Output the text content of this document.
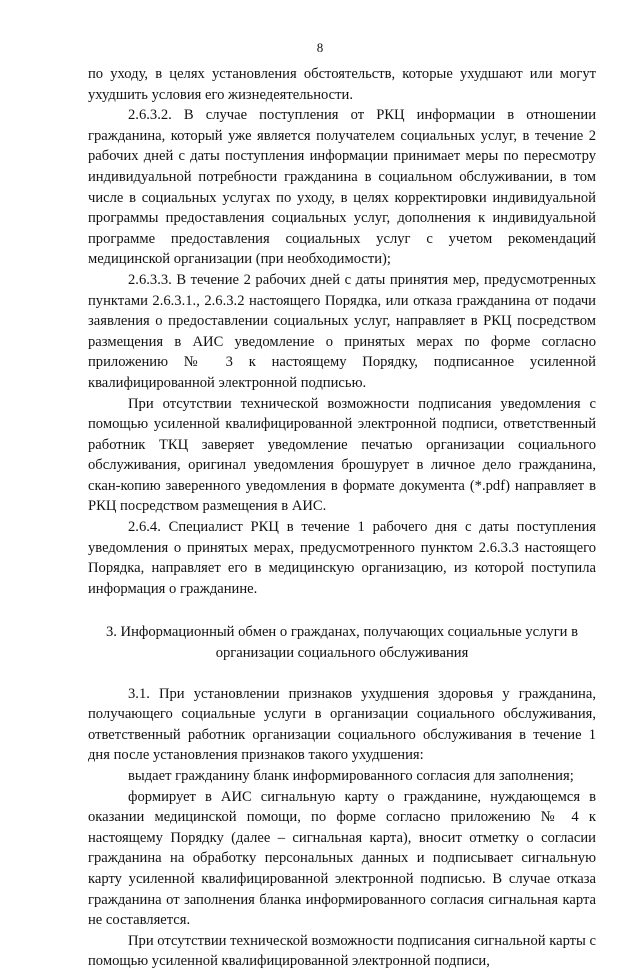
8

по уходу, в целях установления обстоятельств, которые ухудшают или могут ухудшить условия его жизнедеятельности.

2.6.3.2. В случае поступления от РКЦ информации в отношении гражданина, который уже является получателем социальных услуг, в течение 2 рабочих дней с даты поступления информации принимает меры по пересмотру индивидуальной потребности гражданина в социальном обслуживании, в том числе в социальных услугах по уходу, в целях корректировки индивидуальной программы предоставления социальных услуг, дополнения к индивидуальной программе предоставления социальных услуг с учетом рекомендаций медицинской организации (при необходимости);

2.6.3.3. В течение 2 рабочих дней с даты принятия мер, предусмотренных пунктами 2.6.3.1., 2.6.3.2 настоящего Порядка, или отказа гражданина от подачи заявления о предоставлении социальных услуг, направляет в РКЦ посредством размещения в АИС уведомление о принятых мерах по форме согласно приложению № 3 к настоящему Порядку, подписанное усиленной квалифицированной электронной подписью.

При отсутствии технической возможности подписания уведомления с помощью усиленной квалифицированной электронной подписи, ответственный работник ТКЦ заверяет уведомление печатью организации социального обслуживания, оригинал уведомления брошурует в личное дело гражданина, скан-копию заверенного уведомления в формате документа (*.pdf) направляет в РКЦ посредством размещения в АИС.

2.6.4. Специалист РКЦ в течение 1 рабочего дня с даты поступления уведомления о принятых мерах, предусмотренного пунктом 2.6.3.3 настоящего Порядка, направляет его в медицинскую организацию, из которой поступила информация о гражданине.

3. Информационный обмен о гражданах, получающих социальные услуги в
организации социального обслуживания

3.1. При установлении признаков ухудшения здоровья у гражданина, получающего социальные услуги в организации социального обслуживания, ответственный работник организации социального обслуживания в течение 1 дня после установления признаков такого ухудшения:

выдает гражданину бланк информированного согласия для заполнения;

формирует в АИС сигнальную карту о гражданине, нуждающемся в оказании медицинской помощи, по форме согласно приложению № 4 к настоящему Порядку (далее – сигнальная карта), вносит отметку о согласии гражданина на обработку персональных данных и подписывает сигнальную карту усиленной квалифицированной электронной подписью. В случае отказа гражданина от заполнения бланка информированного согласия сигнальная карта не составляется.

При отсутствии технической возможности подписания сигнальной карты с помощью усиленной квалифицированной электронной подписи,
